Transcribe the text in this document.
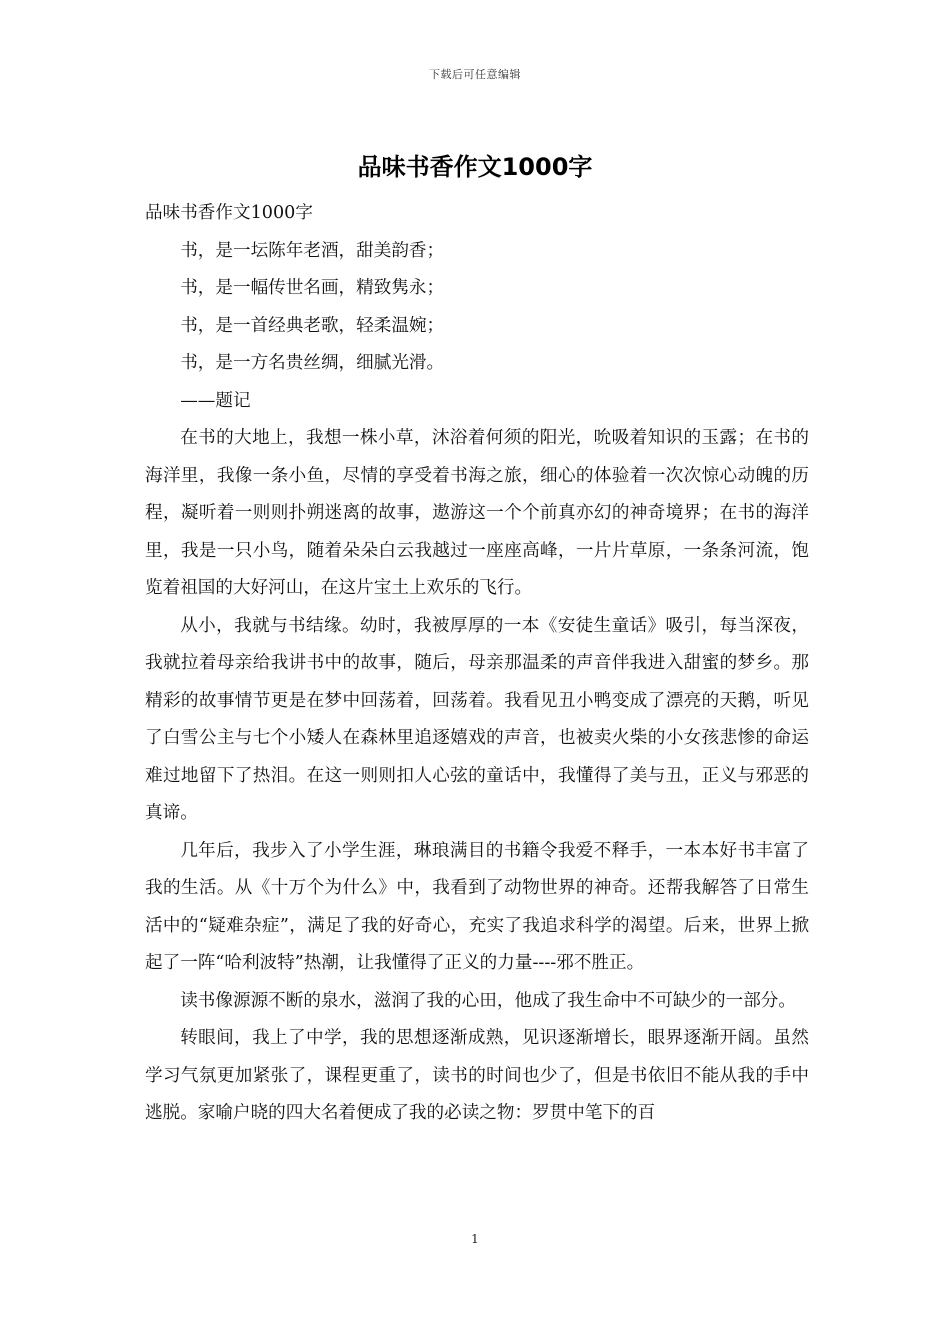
下载后可任意编辑
品味书香作文1000字

品味书香作文1000字

书，是一坛陈年老酒，甜美韵香；

书，是一幅传世名画，精致隽永；

书，是一首经典老歌，轻柔温婉；

书，是一方名贵丝绸，细腻光滑。

——题记

在书的大地上，我想一株小草，沐浴着何须的阳光，吮吸着知识的玉露；在书的海洋里，我像一条小鱼，尽情的享受着书海之旅，细心的体验着一次次惊心动魄的历程，凝听着一则则扑朔迷离的故事，遨游这一个个前真亦幻的神奇境界；在书的海洋里，我是一只小鸟，随着朵朵白云我越过一座座高峰，一片片草原，一条条河流，饱览着祖国的大好河山，在这片宝土上欢乐的飞行。

从小，我就与书结缘。幼时，我被厚厚的一本《安徒生童话》吸引，每当深夜，我就拉着母亲给我讲书中的故事，随后，母亲那温柔的声音伴我进入甜蜜的梦乡。那精彩的故事情节更是在梦中回荡着，回荡着。我看见丑小鸭变成了漂亮的天鹅，听见了白雪公主与七个小矮人在森林里追逐嬉戏的声音，也被卖火柴的小女孩悲惨的命运难过地留下了热泪。在这一则则扣人心弦的童话中，我懂得了美与丑，正义与邪恶的真谛。

几年后，我步入了小学生涯，琳琅满目的书籍令我爱不释手，一本本好书丰富了我的生活。从《十万个为什么》中，我看到了动物世界的神奇。还帮我解答了日常生活中的“疑难杂症”，满足了我的好奇心，充实了我追求科学的渴望。后来，世界上掀起了一阵“哈利波特”热潮，让我懂得了正义的力量----邪不胜正。

读书像源源不断的泉水，滋润了我的心田，他成了我生命中不可缺少的一部分。

转眼间，我上了中学，我的思想逐渐成熟，见识逐渐增长，眼界逐渐开阔。虽然学习气氛更加紧张了，课程更重了，读书的时间也少了，但是书依旧不能从我的手中逃脱。家喻户晓的四大名着便成了我的必读之物：罗贯中笔下的百

1
